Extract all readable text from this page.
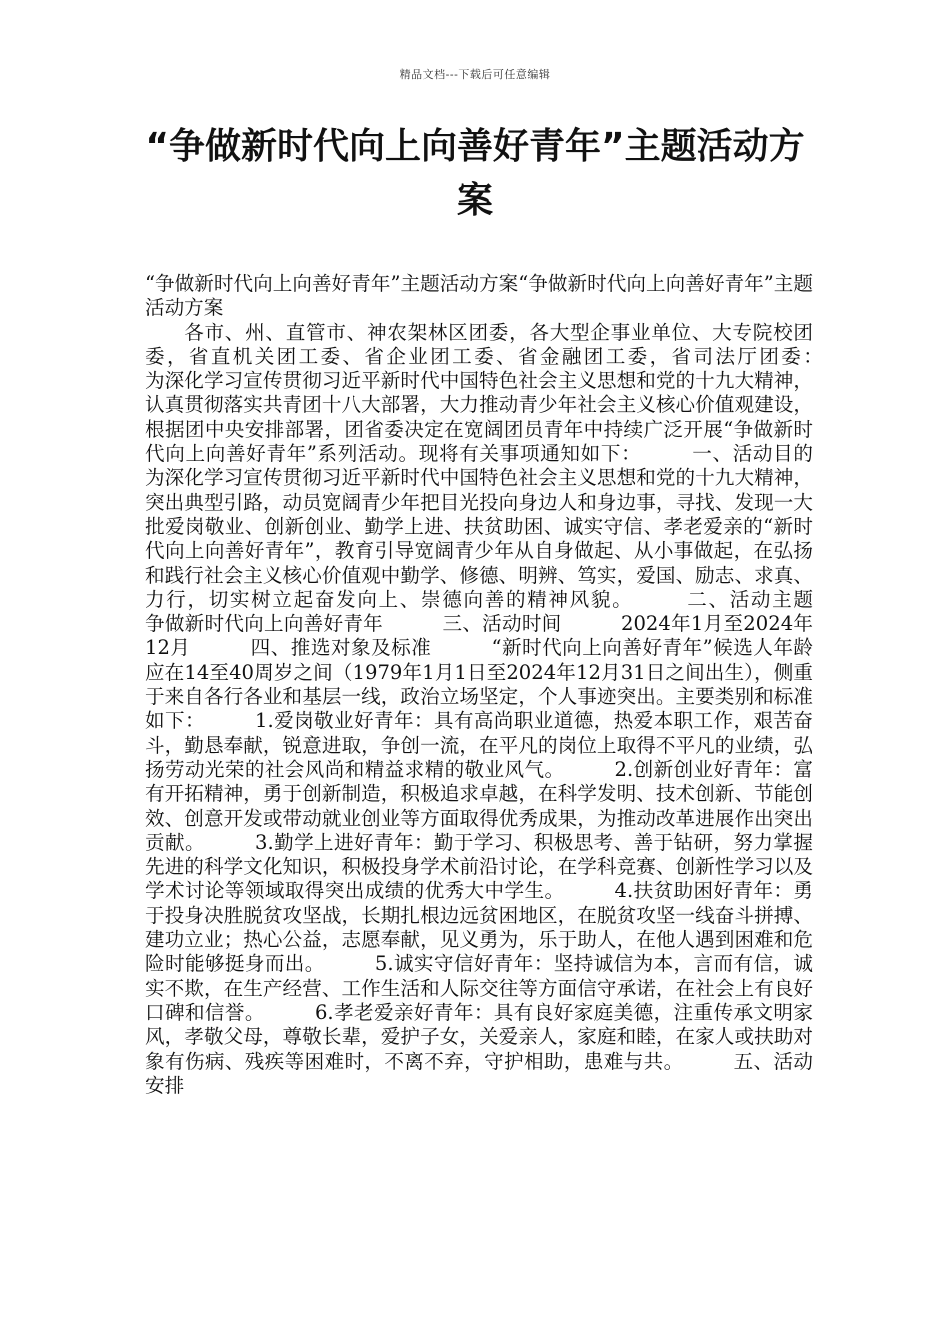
精品文档---下载后可任意编辑
“争做新时代向上向善好青年”主题活动方案

“争做新时代向上向善好青年”主题活动方案“争做新时代向上向善好青年”主题活动方案

各市、州、直管市、神农架林区团委，各大型企事业单位、大专院校团委，省直机关团工委、省企业团工委、省金融团工委，省司法厅团委：　　　为深化学习宣传贯彻习近平新时代中国特色社会主义思想和党的十九大精神，认真贯彻落实共青团十八大部署，大力推动青少年社会主义核心价值观建设，根据团中央安排部署，团省委决定在宽阔团员青年中持续广泛开展“争做新时代向上向善好青年”系列活动。现将有关事项通知如下：　　　一、活动目的　　为深化学习宣传贯彻习近平新时代中国特色社会主义思想和党的十九大精神，突出典型引路，动员宽阔青少年把目光投向身边人和身边事，寻找、发现一大批爱岗敬业、创新创业、勤学上进、扶贫助困、诚实守信、孝老爱亲的“新时代向上向善好青年”，教育引导宽阔青少年从自身做起、从小事做起，在弘扬和践行社会主义核心价值观中勤学、修德、明辨、笃实，爱国、励志、求真、力行，切实树立起奋发向上、崇德向善的精神风貌。　　　二、活动主题　　争做新时代向上向善好青年　　　三、活动时间　　　2024年1月至2024年12月　　　四、推选对象及标准　　　“新时代向上向善好青年”候选人年龄应在14至40周岁之间（1979年1月1日至2024年12月31日之间出生），侧重于来自各行各业和基层一线，政治立场坚定，个人事迹突出。主要类别和标准如下：　　　1.爱岗敬业好青年：具有高尚职业道德，热爱本职工作，艰苦奋斗，勤恳奉献，锐意进取，争创一流，在平凡的岗位上取得不平凡的业绩，弘扬劳动光荣的社会风尚和精益求精的敬业风气。　　　2.创新创业好青年：富有开拓精神，勇于创新制造，积极追求卓越，在科学发明、技术创新、节能创效、创意开发或带动就业创业等方面取得优秀成果，为推动改革进展作出突出贡献。　　　3.勤学上进好青年：勤于学习、积极思考、善于钻研，努力掌握先进的科学文化知识，积极投身学术前沿讨论，在学科竞赛、创新性学习以及学术讨论等领域取得突出成绩的优秀大中学生。　　　4.扶贫助困好青年：勇于投身决胜脱贫攻坚战，长期扎根边远贫困地区，在脱贫攻坚一线奋斗拼搏、建功立业；热心公益，志愿奉献，见义勇为，乐于助人，在他人遇到困难和危险时能够挺身而出。　　　5.诚实守信好青年：坚持诚信为本，言而有信，诚实不欺，在生产经营、工作生活和人际交往等方面信守承诺，在社会上有良好口碑和信誉。　　　6.孝老爱亲好青年：具有良好家庭美德，注重传承文明家风，孝敬父母，尊敬长辈，爱护子女，关爱亲人，家庭和睦，在家人或扶助对象有伤病、残疾等困难时，不离不弃，守护相助，患难与共。　　　五、活动安排
